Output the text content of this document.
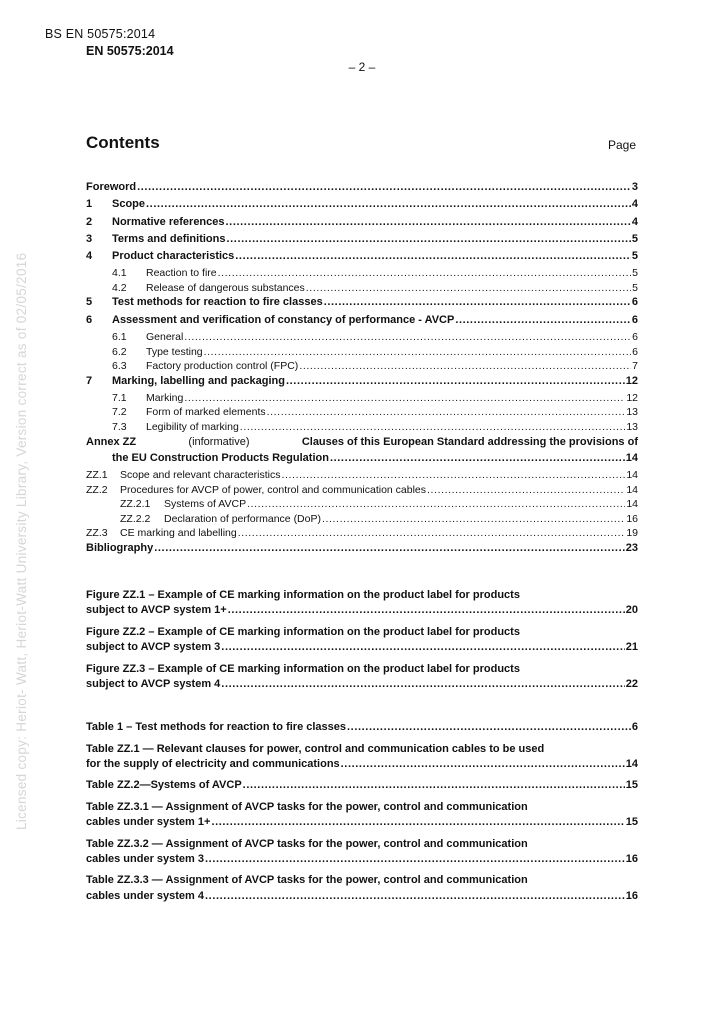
BS EN 50575:2014
EN 50575:2014
– 2 –
Licensed copy: Heriot- Watt, Heriot-Watt University Library, Version correct as of 02/05/2016
Contents	Page
Foreword .....	3
1	Scope .....	4
2	Normative references .....	4
3	Terms and definitions .....	5
4	Product characteristics .....	5
4.1	Reaction to fire .....	5
4.2	Release of dangerous substances .....	5
5	Test methods for reaction to fire classes .....	6
6	Assessment and verification of constancy of performance - AVCP .....	6
6.1	General .....	6
6.2	Type testing .....	6
6.3	Factory production control (FPC) .....	7
7	Marking, labelling and packaging .....	12
7.1	Marking .....	12
7.2	Form of marked elements .....	13
7.3	Legibility of marking .....	13
Annex ZZ	(informative)	Clauses of this European Standard addressing the provisions of
the EU Construction Products Regulation .....	14
ZZ.1	Scope and relevant characteristics .....	14
ZZ.2	Procedures for AVCP of power, control and communication cables .....	14
ZZ.2.1	Systems of AVCP .....	14
ZZ.2.2	Declaration of performance (DoP) .....	16
ZZ.3	CE marking and labelling .....	19
Bibliography .....	23
Figure ZZ.1 – Example of CE marking information on the product label for products
subject to AVCP system 1+ .....	20
Figure ZZ.2 – Example of CE marking information on the product label for products
subject to AVCP system 3 .....	21
Figure ZZ.3 – Example of CE marking information on the product label for products
subject to AVCP system 4 .....	22
Table 1 – Test methods for reaction to fire classes .....	6
Table ZZ.1 — Relevant clauses for power, control and communication cables to be used
for the supply of electricity and communications .....	14
Table ZZ.2—Systems of AVCP .....	15
Table ZZ.3.1 — Assignment of AVCP tasks for the power, control and communication
cables under system 1+ .....	15
Table ZZ.3.2 — Assignment of AVCP tasks for the power, control and communication
cables under system 3 .....	16
Table ZZ.3.3 — Assignment of AVCP tasks for the power, control and communication
cables under system 4 .....	16
